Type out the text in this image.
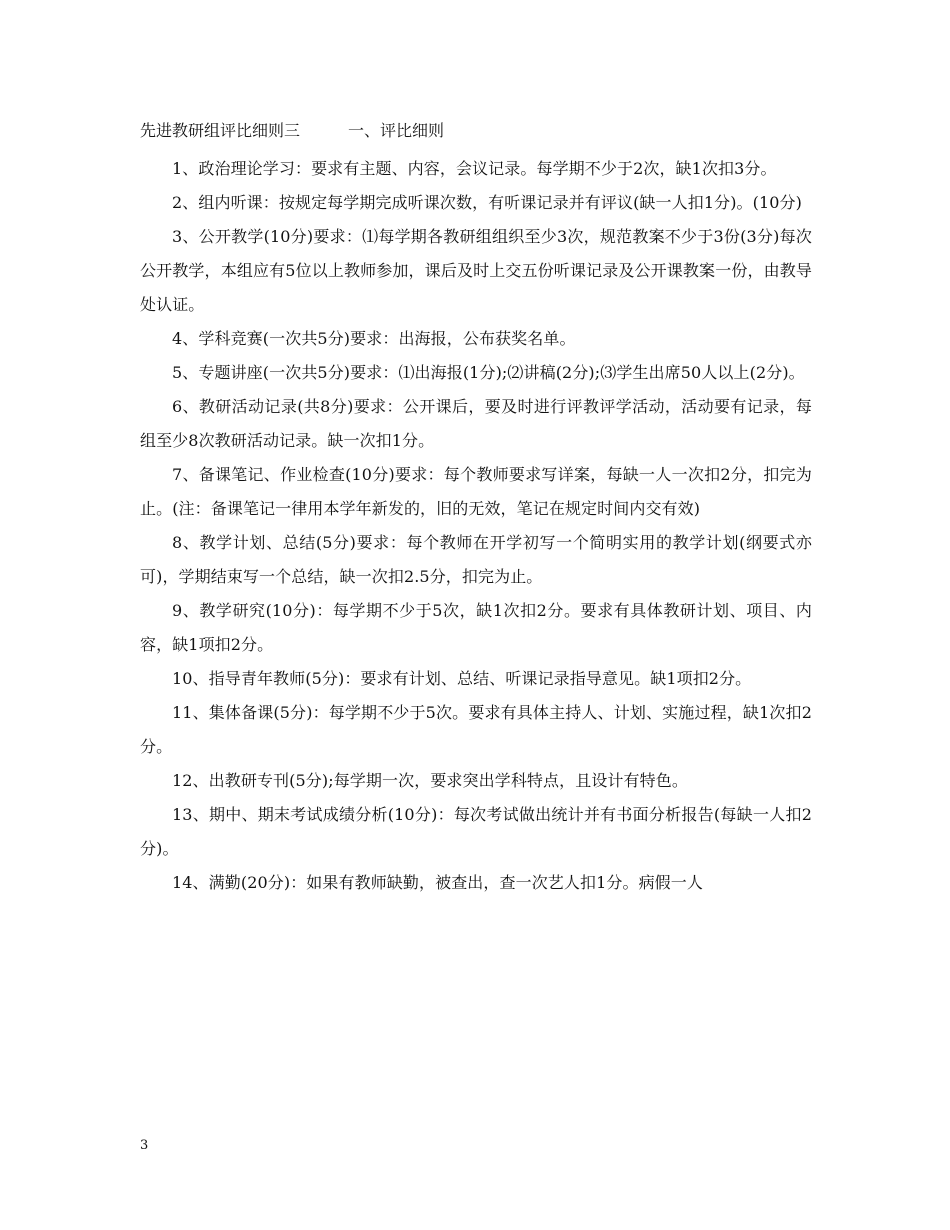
先进教研组评比细则三	一、评比细则

1、政治理论学习：要求有主题、内容，会议记录。每学期不少于2次，缺1次扣3分。

2、组内听课：按规定每学期完成听课次数，有听课记录并有评议(缺一人扣1分)。(10分)

3、公开教学(10分)要求：⑴每学期各教研组组织至少3次，规范教案不少于3份(3分)每次公开教学，本组应有5位以上教师参加，课后及时上交五份听课记录及公开课教案一份，由教导处认证。

4、学科竞赛(一次共5分)要求：出海报，公布获奖名单。

5、专题讲座(一次共5分)要求：⑴出海报(1分);⑵讲稿(2分);⑶学生出席50人以上(2分)。

6、教研活动记录(共8分)要求：公开课后，要及时进行评教评学活动，活动要有记录，每组至少8次教研活动记录。缺一次扣1分。

7、备课笔记、作业检查(10分)要求：每个教师要求写详案，每缺一人一次扣2分，扣完为止。(注：备课笔记一律用本学年新发的，旧的无效，笔记在规定时间内交有效)

8、教学计划、总结(5分)要求：每个教师在开学初写一个简明实用的教学计划(纲要式亦可)，学期结束写一个总结，缺一次扣2.5分，扣完为止。

9、教学研究(10分)：每学期不少于5次，缺1次扣2分。要求有具体教研计划、项目、内容，缺1项扣2分。

10、指导青年教师(5分)：要求有计划、总结、听课记录指导意见。缺1项扣2分。

11、集体备课(5分)：每学期不少于5次。要求有具体主持人、计划、实施过程，缺1次扣2分。

12、出教研专刊(5分);每学期一次，要求突出学科特点，且设计有特色。

13、期中、期末考试成绩分析(10分)：每次考试做出统计并有书面分析报告(每缺一人扣2分)。

14、满勤(20分)：如果有教师缺勤，被查出，查一次艺人扣1分。病假一人

3
